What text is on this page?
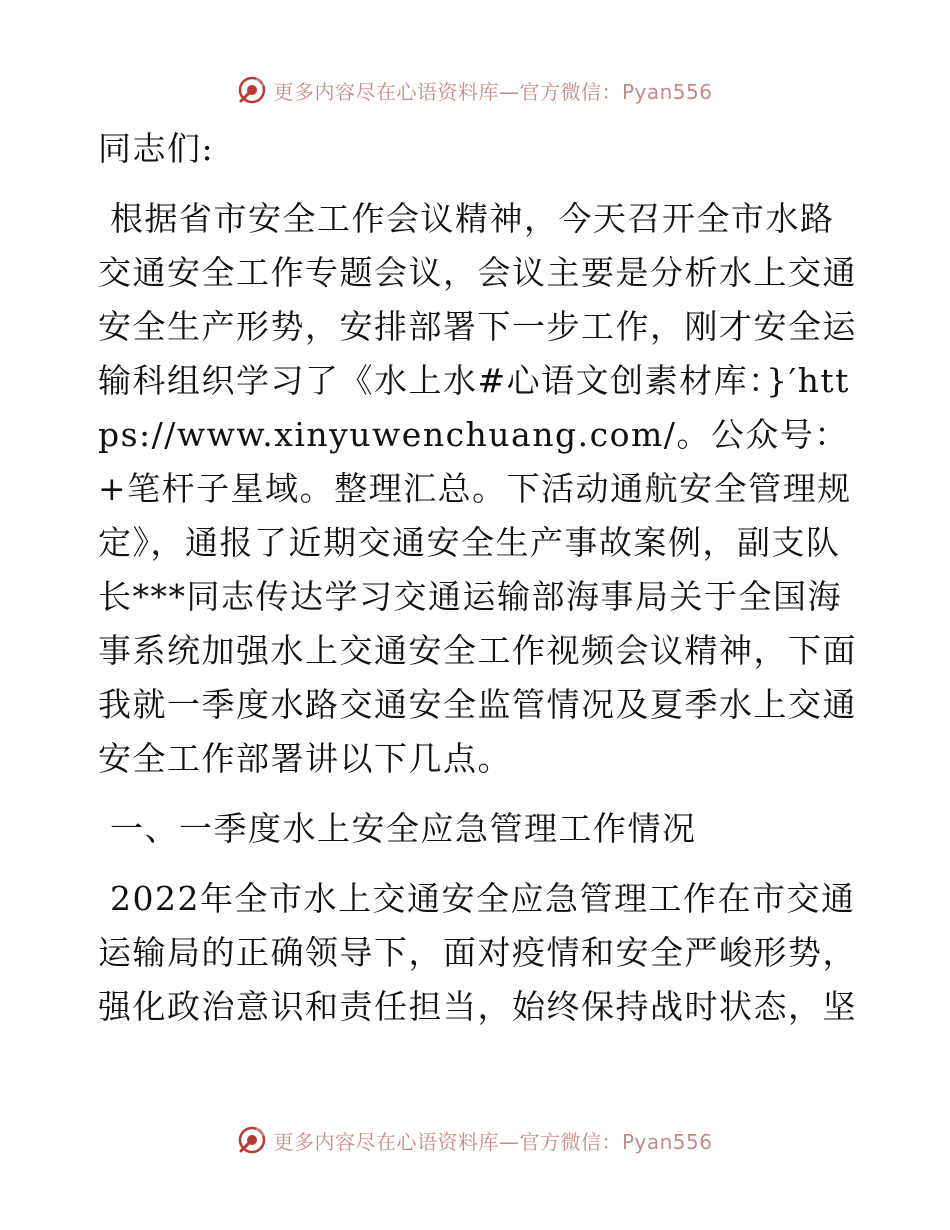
更多内容尽在心语资料库—官方微信：Pyan556

同志们:

根据省市安全工作会议精神，今天召开全市水路交通安全工作专题会议，会议主要是分析水上交通安全生产形势，安排部署下一步工作，刚才安全运输科组织学习了《水上水#心语文创素材库：}′https://www.xinyuwenchuang.com/。公众号：+笔杆子星域。整理汇总。下活动通航安全管理规定》，通报了近期交通安全生产事故案例，副支队长***同志传达学习交通运输部海事局关于全国海事系统加强水上交通安全工作视频会议精神，下面我就一季度水路交通安全监管情况及夏季水上交通安全工作部署讲以下几点。

一、一季度水上安全应急管理工作情况

2022年全市水上交通安全应急管理工作在市交通运输局的正确领导下，面对疫情和安全严峻形势，强化政治意识和责任担当，始终保持战时状态，坚

更多内容尽在心语资料库—官方微信：Pyan556
